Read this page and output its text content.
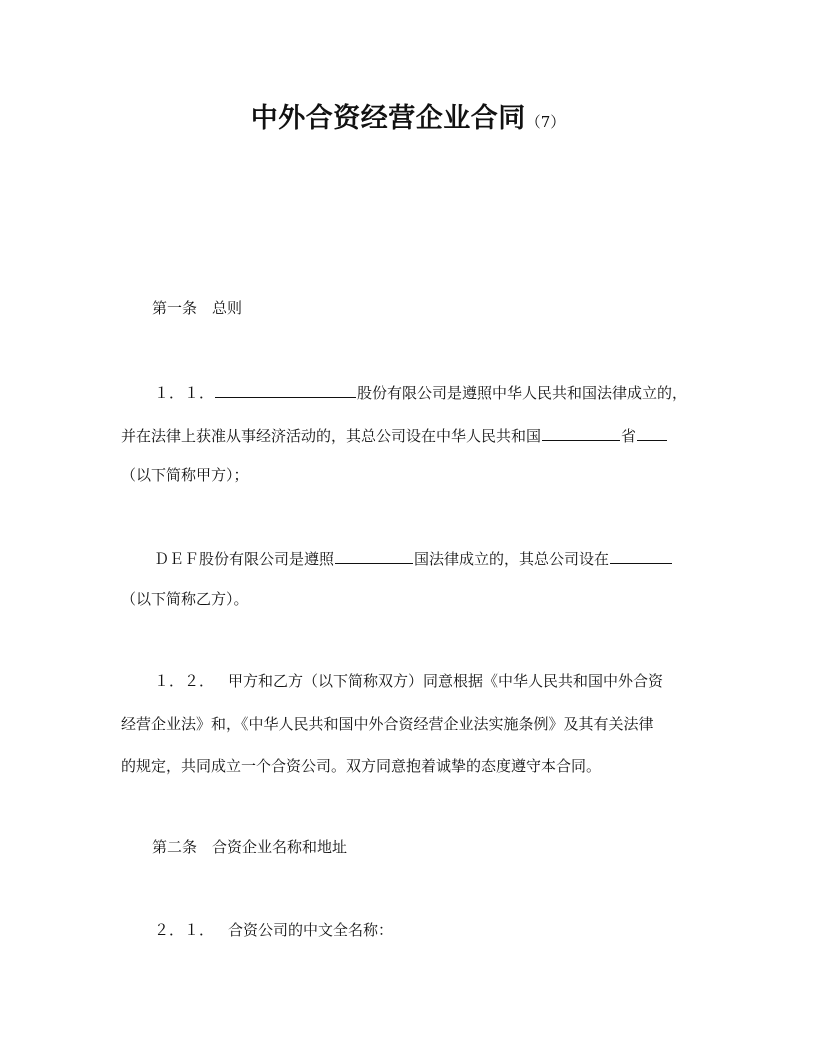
中外合资经营企业合同（7）
第一条 总则
１．１．	股份有限公司是遵照中华人民共和国法律成立的，
并在法律上获准从事经济活动的，其总公司设在中华人民共和国	省
（以下简称甲方）；
ＤＥＦ股份有限公司是遵照	国法律成立的，其总公司设在
（以下简称乙方）。
１．２． 甲方和乙方（以下简称双方）同意根据《中华人民共和国中外合资
经营企业法》和，《中华人民共和国中外合资经营企业法实施条例》及其有关法律
的规定，共同成立一个合资公司。双方同意抱着诚挚的态度遵守本合同。
第二条 合资企业名称和地址
２．１． 合资公司的中文全名称：
